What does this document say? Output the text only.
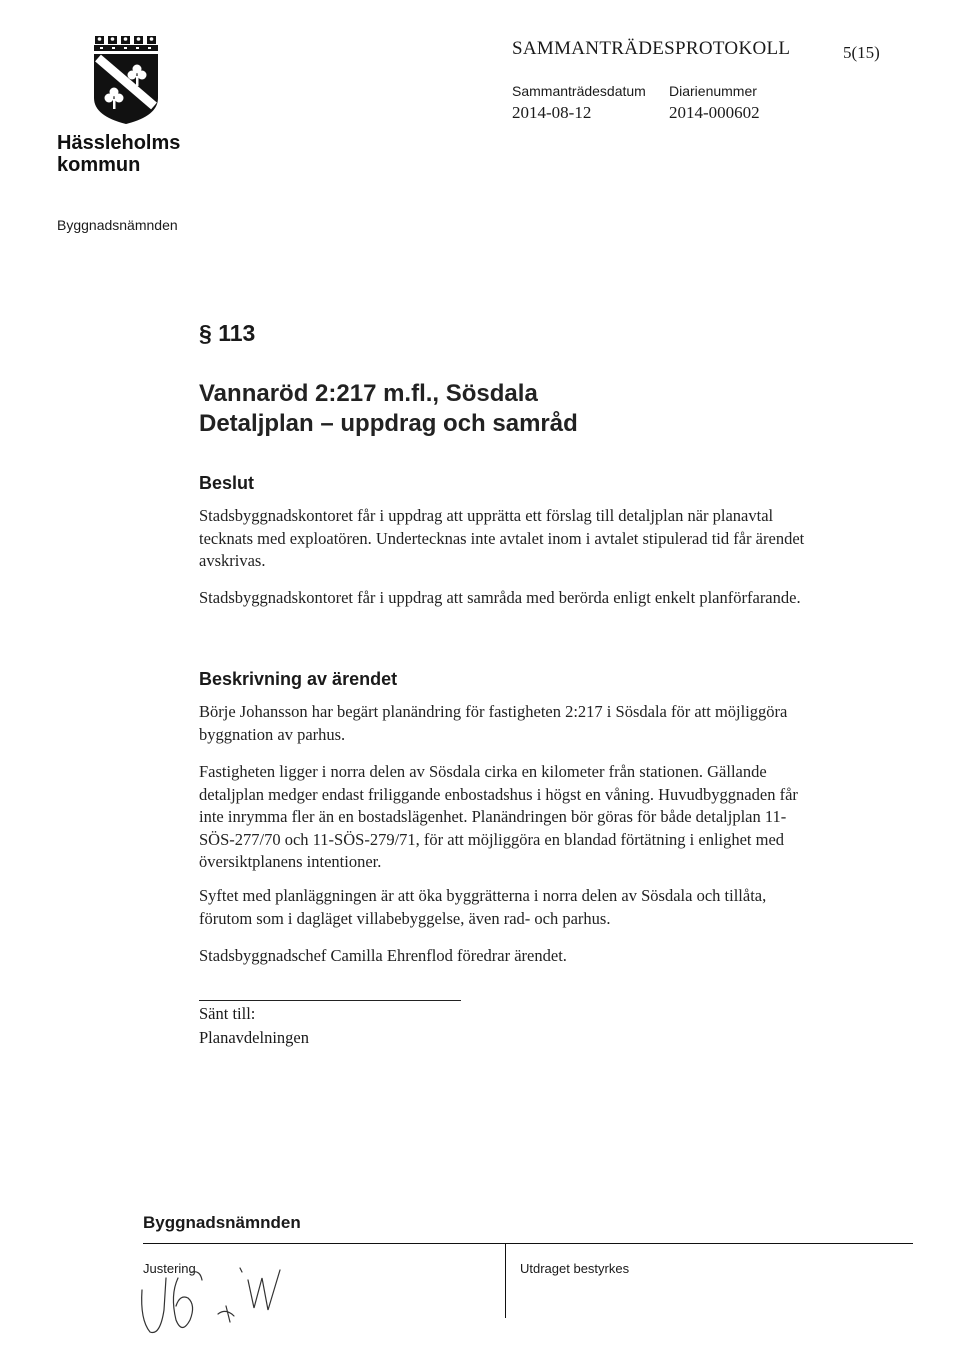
Hässleholms
kommun
SAMMANTRÄDESPROTOKOLL	5(15)
Sammanträdesdatum
2014-08-12
Diarienummer
2014-000602
Byggnadsnämnden
§ 113
Vannaröd 2:217 m.fl., Sösdala
Detaljplan – uppdrag och samråd
Beslut
Stadsbyggnadskontoret får i uppdrag att upprätta ett förslag till detaljplan när planavtal tecknats med exploatören. Undertecknas inte avtalet inom i avtalet stipulerad tid får ärendet avskrivas.
Stadsbyggnadskontoret får i uppdrag att samråda med berörda enligt enkelt planförfarande.
Beskrivning av ärendet
Börje Johansson har begärt planändring för fastigheten 2:217 i Sösdala för att möjliggöra byggnation av parhus.
Fastigheten ligger i norra delen av Sösdala cirka en kilometer från stationen. Gällande detaljplan medger endast friliggande enbostadshus i högst en våning. Huvudbyggnaden får inte inrymma fler än en bostadslägenhet. Planändringen bör göras för både detaljplan 11-SÖS-277/70 och 11-SÖS-279/71, för att möjliggöra en blandad förtätning i enlighet med översiktplanens intentioner.
Syftet med planläggningen är att öka byggrätterna i norra delen av Sösdala och tillåta, förutom som i dagläget villabebyggelse, även rad- och parhus.
Stadsbyggnadschef Camilla Ehrenflod föredrar ärendet.
Sänt till:
Planavdelningen
Byggnadsnämnden
Justering	Utdraget bestyrkes
